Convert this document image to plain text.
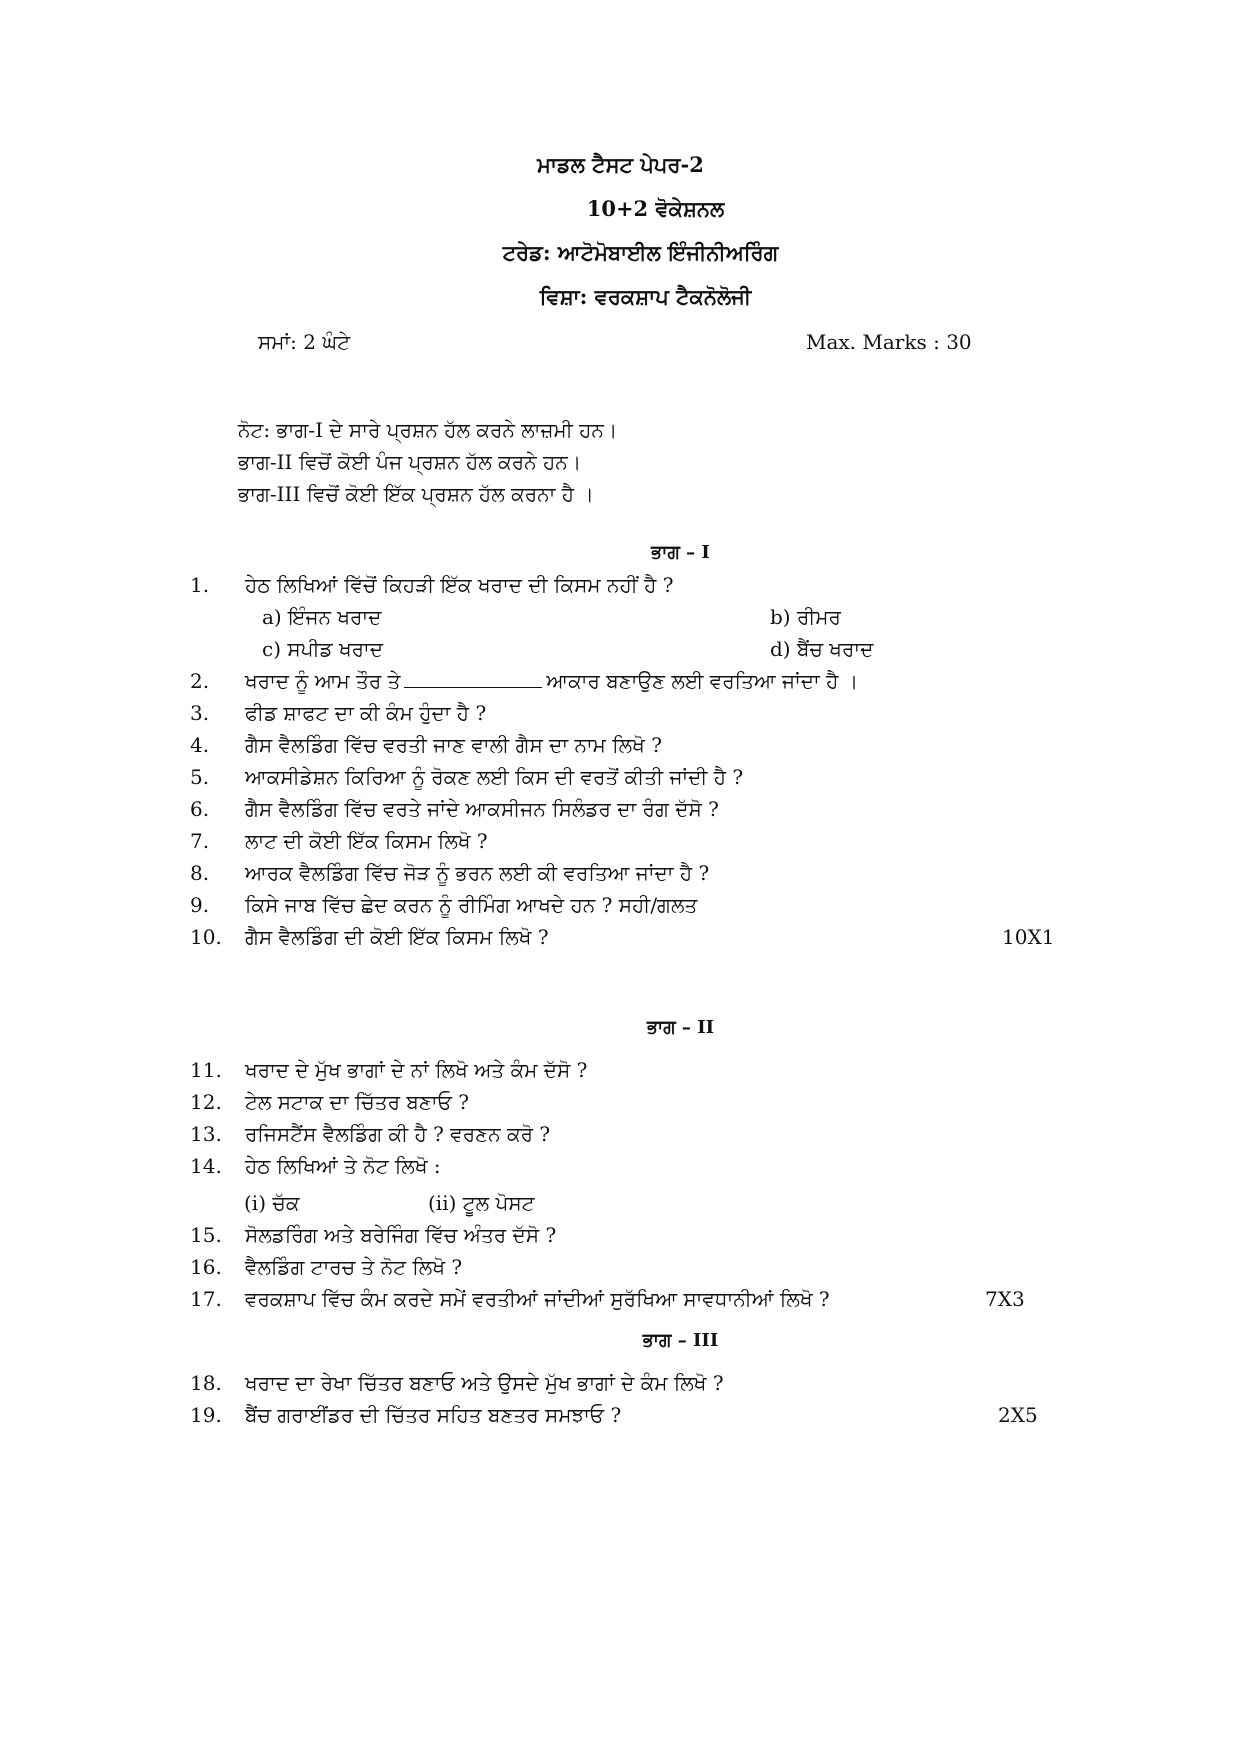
ਮਾਡਲ ਟੈਸਟ ਪੇਪਰ-2
10+2 ਵੋਕੇਸ਼ਨਲ
ਟਰੇਡ: ਆਟੋਮੋਬਾਈਲ ਇੰਜੀਨੀਅਰਿੰਗ
ਵਿਸ਼ਾ: ਵਰਕਸ਼ਾਪ ਟੈਕਨੋਲੋਜੀ
ਸਮਾਂ: 2 ਘੰਟੇ	Max. Marks : 30
ਨੋਟ: ਭਾਗ-I ਦੇ ਸਾਰੇ ਪ੍ਰਸ਼ਨ ਹੱਲ ਕਰਨੇ ਲਾਜ਼ਮੀ ਹਨ।
ਭਾਗ-II ਵਿਚੋਂ ਕੋਈ ਪੰਜ ਪ੍ਰਸ਼ਨ ਹੱਲ ਕਰਨੇ ਹਨ।
ਭਾਗ-III ਵਿਚੋਂ ਕੋਈ ਇੱਕ ਪ੍ਰਸ਼ਨ ਹੱਲ ਕਰਨਾ ਹੈ ।
ਭਾਗ – I
1. ਹੇਠ ਲਿਖਿਆਂ ਵਿੱਚੋਂ ਕਿਹੜੀ ਇੱਕ ਖਰਾਦ ਦੀ ਕਿਸਮ ਨਹੀਂ ਹੈ ?
a) ਇੰਜਨ ਖਰਾਦ	b) ਰੀਮਰ
c) ਸਪੀਡ ਖਰਾਦ	d) ਬੈਂਚ ਖਰਾਦ
2. ਖਰਾਦ ਨੂੰ ਆਮ ਤੌਰ ਤੇ	ਆਕਾਰ ਬਣਾਉਣ ਲਈ ਵਰਤਿਆ ਜਾਂਦਾ ਹੈ ।
3. ਫੀਡ ਸ਼ਾਫਟ ਦਾ ਕੀ ਕੰਮ ਹੁੰਦਾ ਹੈ ?
4. ਗੈਸ ਵੈਲਡਿੰਗ ਵਿੱਚ ਵਰਤੀ ਜਾਣ ਵਾਲੀ ਗੈਸ ਦਾ ਨਾਮ ਲਿਖੋ ?
5. ਆਕਸੀਡੇਸ਼ਨ ਕਿਰਿਆ ਨੂੰ ਰੋਕਣ ਲਈ ਕਿਸ ਦੀ ਵਰਤੋਂ ਕੀਤੀ ਜਾਂਦੀ ਹੈ ?
6. ਗੈਸ ਵੈਲਡਿੰਗ ਵਿੱਚ ਵਰਤੇ ਜਾਂਦੇ ਆਕਸੀਜਨ ਸਿਲੰਡਰ ਦਾ ਰੰਗ ਦੱਸੋ ?
7. ਲਾਟ ਦੀ ਕੋਈ ਇੱਕ ਕਿਸਮ ਲਿਖੋ ?
8. ਆਰਕ ਵੈਲਡਿੰਗ ਵਿੱਚ ਜੋੜ ਨੂੰ ਭਰਨ ਲਈ ਕੀ ਵਰਤਿਆ ਜਾਂਦਾ ਹੈ ?
9. ਕਿਸੇ ਜਾਬ ਵਿੱਚ ਛੇਦ ਕਰਨ ਨੂੰ ਰੀਮਿੰਗ ਆਖਦੇ ਹਨ ? ਸਹੀ/ਗਲਤ
10. ਗੈਸ ਵੈਲਡਿੰਗ ਦੀ ਕੋਈ ਇੱਕ ਕਿਸਮ ਲਿਖੋ ?	10X1
ਭਾਗ – II
11. ਖਰਾਦ ਦੇ ਮੁੱਖ ਭਾਗਾਂ ਦੇ ਨਾਂ ਲਿਖੋ ਅਤੇ ਕੰਮ ਦੱਸੋ ?
12. ਟੇਲ ਸਟਾਕ ਦਾ ਚਿੱਤਰ ਬਣਾਓ ?
13. ਰਜਿਸਟੈਂਸ ਵੈਲਡਿੰਗ ਕੀ ਹੈ ? ਵਰਣਨ ਕਰੋ ?
14. ਹੇਠ ਲਿਖਿਆਂ ਤੇ ਨੋਟ ਲਿਖੋ :
(i) ਚੱਕ	(ii) ਟੂਲ ਪੋਸਟ
15. ਸੋਲਡਰਿੰਗ ਅਤੇ ਬਰੇਜਿੰਗ ਵਿੱਚ ਅੰਤਰ ਦੱਸੋ ?
16. ਵੈਲਡਿੰਗ ਟਾਰਚ ਤੇ ਨੋਟ ਲਿਖੋ ?
17. ਵਰਕਸ਼ਾਪ ਵਿੱਚ ਕੰਮ ਕਰਦੇ ਸਮੇਂ ਵਰਤੀਆਂ ਜਾਂਦੀਆਂ ਸੁਰੱਖਿਆ ਸਾਵਧਾਨੀਆਂ ਲਿਖੋ ?	7X3
ਭਾਗ – III
18. ਖਰਾਦ ਦਾ ਰੇਖਾ ਚਿੱਤਰ ਬਣਾਓ ਅਤੇ ਉਸਦੇ ਮੁੱਖ ਭਾਗਾਂ ਦੇ ਕੰਮ ਲਿਖੋ ?
19. ਬੈਂਚ ਗਰਾਈਂਡਰ ਦੀ ਚਿੱਤਰ ਸਹਿਤ ਬਣਤਰ ਸਮਝਾਓ ?	2X5
